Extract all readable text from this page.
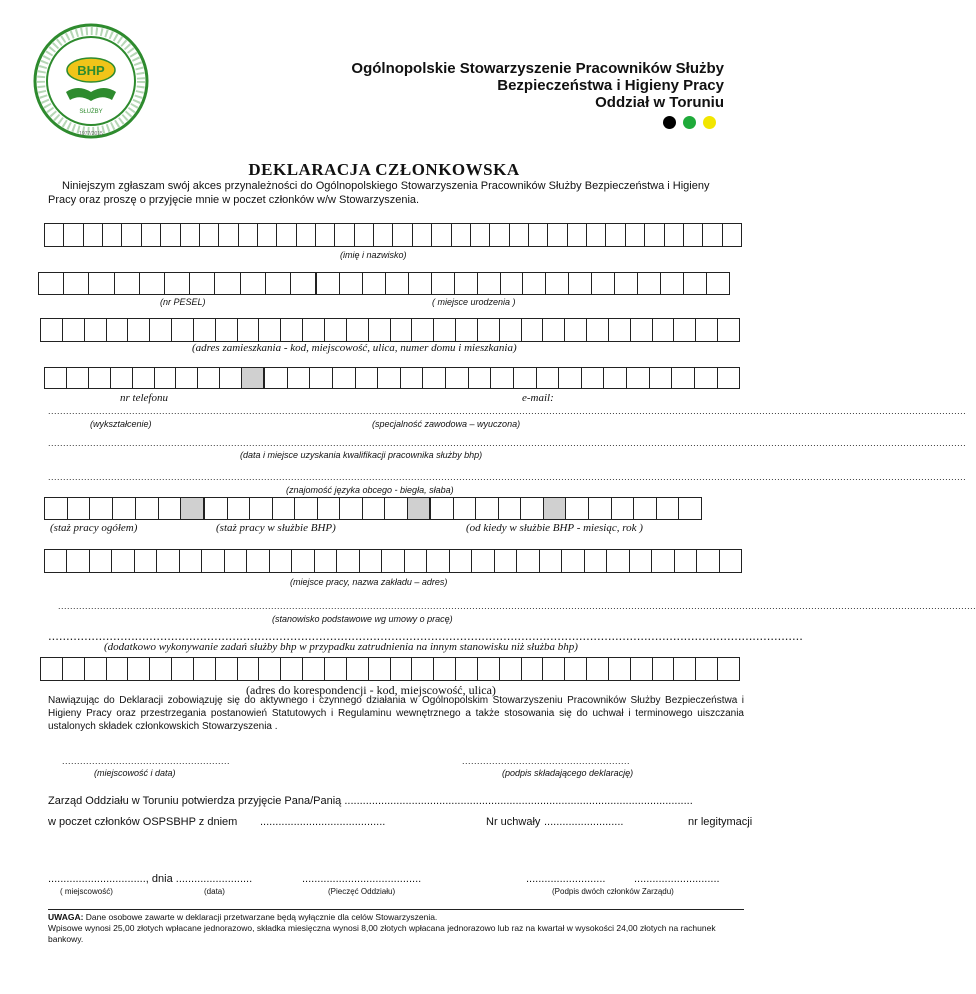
BHP
SŁUŻBY
1977/2015
Ogólnopolskie Stowarzyszenie Pracowników Służby
Bezpieczeństwa i Higieny Pracy
Oddział w Toruniu
DEKLARACJA CZŁONKOWSKA
Niniejszym zgłaszam swój akces przynależności do Ogólnopolskiego Stowarzyszenia Pracowników Służby Bezpieczeństwa i Higieny Pracy oraz proszę o przyjęcie mnie w poczet członków w/w Stowarzyszenia.
(imię i nazwisko)
(nr PESEL)	( miejsce urodzenia )
(adres zamieszkania - kod, miejscowość, ulica, numer domu i mieszkania)
nr telefonu	e-mail:
..................................................................................................................................................................................................................................................................................................................
(wykształcenie)	(specjalność zawodowa – wyuczona)
..................................................................................................................................................................................................................................................................................................................
(data i miejsce uzyskania kwalifikacji pracownika służby bhp)
..................................................................................................................................................................................................................................................................................................................
(znajomość języka obcego - biegła, słaba)
(staż pracy ogółem)	(staż pracy w służbie BHP)	(od kiedy w służbie BHP - miesiąc, rok )
(miejsce pracy, nazwa zakładu – adres)
..................................................................................................................................................................................................................................................................................................................
(stanowisko podstawowe wg umowy o pracę)
.................................................................................................................................................................................................................
(dodatkowo wykonywanie zadań służby bhp w przypadku zatrudnienia na innym stanowisku niż służba bhp)
(adres do korespondencji - kod, miejscowość, ulica)
Nawiązując do Deklaracji zobowiązuję się do aktywnego i czynnego działania w Ogólnopolskim Stowarzyszeniu Pracowników Służby Bezpieczeństwa i Higieny Pracy oraz przestrzegania postanowień Statutowych i Regulaminu wewnętrznego a także stosowania się do uchwał i terminowego uiszczania ustalonych składek członkowskich Stowarzyszenia .
........................................................
(miejscowość i data)
........................................................
(podpis składającego deklarację)
Zarząd Oddziału w Toruniu potwierdza przyjęcie Pana/Panią ..................................................................................................................
w poczet członków OSPSBHP z dniem .........................................	Nr uchwały ..........................	nr legitymacji
................................, dnia .........................	.......................................	..........................	............................
( miejscowość)	(data)	(Pieczęć Oddziału)	(Podpis dwóch członków Zarządu)
UWAGA: Dane osobowe zawarte w deklaracji przetwarzane będą wyłącznie dla celów Stowarzyszenia.
Wpisowe wynosi 25,00 złotych wpłacane jednorazowo, składka miesięczna wynosi 8,00 złotych wpłacana jednorazowo lub raz na kwartał w wysokości 24,00 złotych na rachunek bankowy.
